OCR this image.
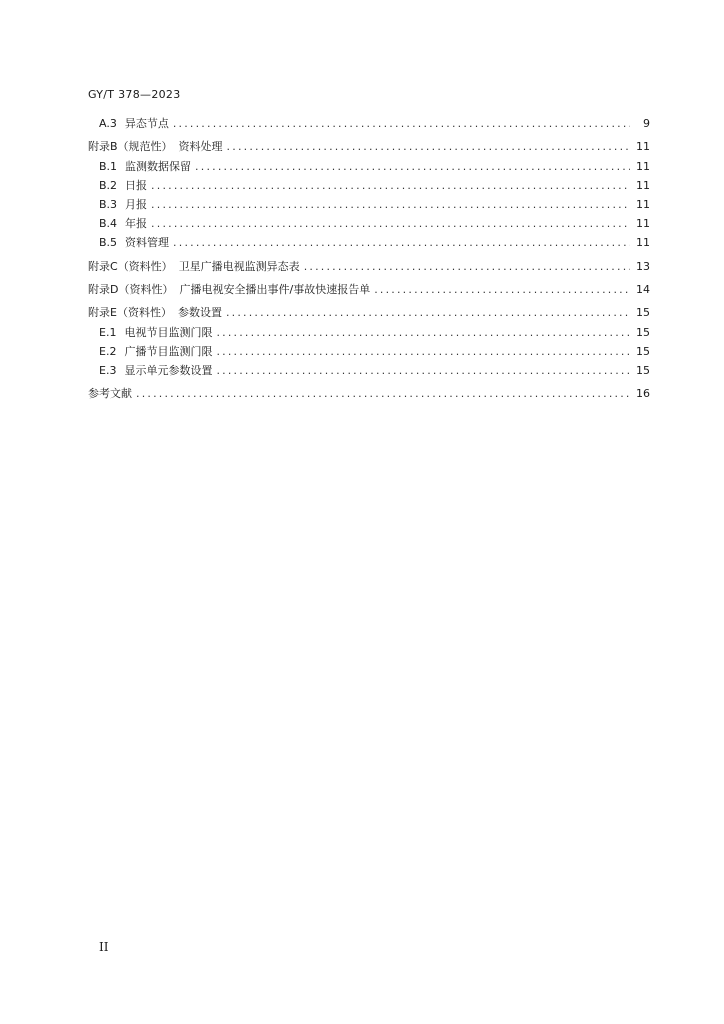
GY/T 378—2023
A.3 异态节点 .....	9
附录B （规范性） 资料处理 .....	11
B.1 监测数据保留 .....	11
B.2 日报 .....	11
B.3 月报 .....	11
B.4 年报 .....	11
B.5 资料管理 .....	11
附录C （资料性） 卫星广播电视监测异态表 .....	13
附录D （资料性） 广播电视安全播出事件/事故快速报告单 .....	14
附录E （资料性） 参数设置 .....	15
E.1 电视节目监测门限 .....	15
E.2 广播节目监测门限 .....	15
E.3 显示单元参数设置 .....	15
参考文献 .....	16
II
